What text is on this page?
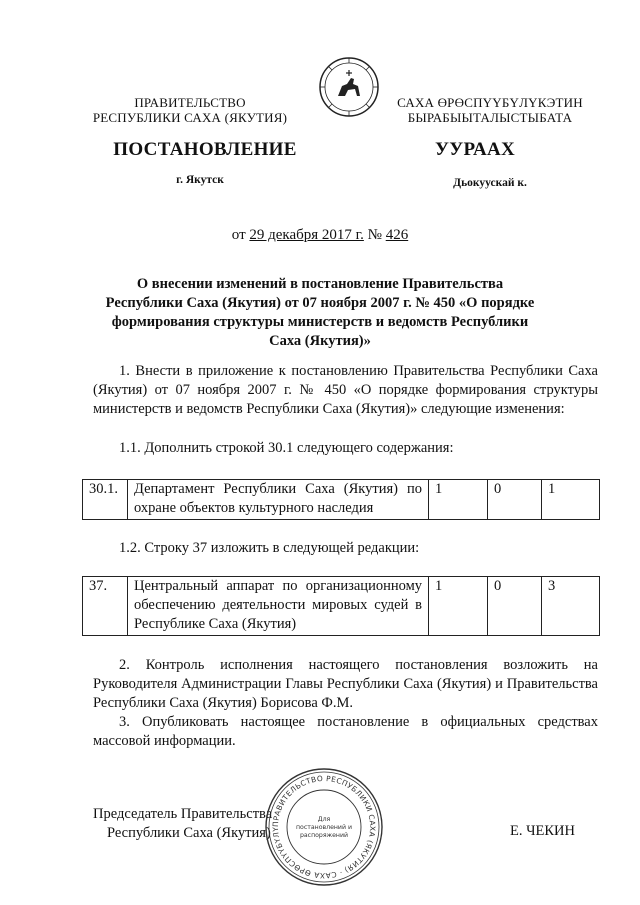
ПРАВИТЕЛЬСТВО
РЕСПУБЛИКИ САХА (ЯКУТИЯ)
САХА ӨРӨСПҮҮБҮЛҮКЭТИН
БЫРАБЫЫТАЛЫСТЫБАТА
ПОСТАНОВЛЕНИЕ	УУРААХ
г. Якутск	Дьокуускай к.
от 29 декабря 2017 г. № 426
О внесении изменений в постановление Правительства Республики Саха (Якутия) от 07 ноября 2007 г. № 450 «О порядке формирования структуры министерств и ведомств Республики Саха (Якутия)»
1. Внести в приложение к постановлению Правительства Республики Саха (Якутия) от 07 ноября 2007 г. № 450 «О порядке формирования структуры министерств и ведомств Республики Саха (Якутия)» следующие изменения:
1.1. Дополнить строкой 30.1 следующего содержания:
30.1.	Департамент Республики Саха (Якутия) по охране объектов культурного наследия	1	0	1
1.2. Строку 37 изложить в следующей редакции:
37.	Центральный аппарат по организационному обеспечению деятельности мировых судей в Республике Саха (Якутия)	1	0	3
2. Контроль исполнения настоящего постановления возложить на Руководителя Администрации Главы Республики Саха (Якутия) и Правительства Республики Саха (Якутия) Борисова Ф.М.
3. Опубликовать настоящее постановление в официальных средствах массовой информации.
Председатель Правительства
Республики Саха (Якутия)
ПРАВИТЕЛЬСТВО РЕСПУБЛИКИ САХА (ЯКУТИЯ) · САХА ӨРӨСПҮҮБҮЛҮ
Для
постановлений и
распоряжений	Е. ЧЕКИН
